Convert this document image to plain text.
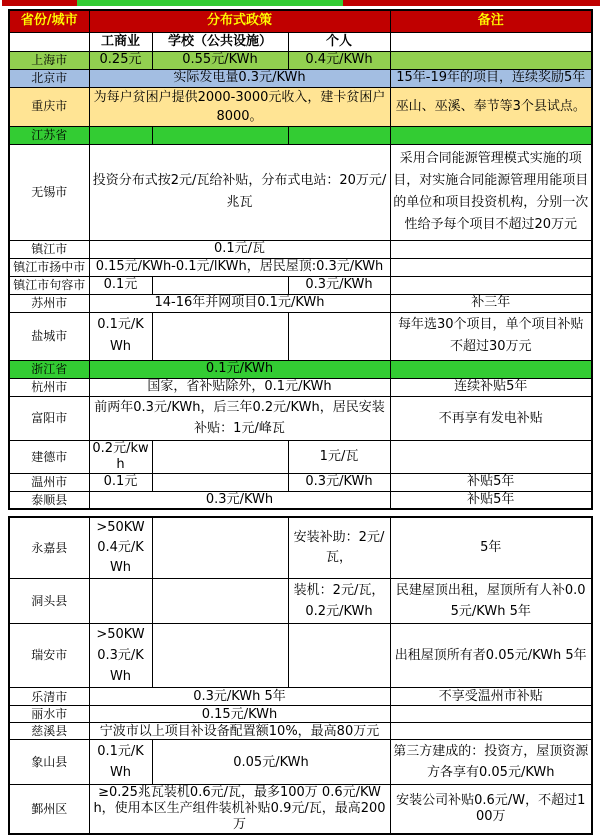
省份/城市	分布式政策			备注
	工商业	学校（公共设施）	个人	
上海市	0.25元	0.55元/KWh	0.4元/KWh	
北京市	实际发电量0.3元/KWh			15年-19年的项目，连续奖励5年
重庆市	为每户贫困户提供2000-3000元收入，建卡贫困户8000。			巫山、巫溪、奉节等3个县试点。
江苏省				
无锡市	投资分布式按2元/瓦给补贴，分布式电站：20万元/兆瓦			采用合同能源管理模式实施的项目，对实施合同能源管理用能项目的单位和项目投资机构，分别一次性给予每个项目不超过20万元
镇江市	0.1元/瓦			
镇江市扬中市	0.15元/KWh-0.1元/lKWh，居民屋顶:0.3元/KWh			
镇江市句容市	0.1元		0.3元/KWh	
苏州市	14-16年并网项目0.1元/KWh			补三年
盐城市	0.1元/KWh			每年选30个项目，单个项目补贴不超过30万元
浙江省	0.1元/KWh			
杭州市	国家，省补贴除外，0.1元/KWh			连续补贴5年
富阳市	前两年0.3元/KWh，后三年0.2元/KWh，居民安装补贴：1元/峰瓦			不再享有发电补贴
建德市	0.2元/kwh		1元/瓦	
温州市	0.1元		0.3元/KWh	补贴5年
泰顺县	0.3元/KWh			补贴5年
永嘉县	>50KW0.4元/KWh		安装补助：2元/瓦，	5年
洞头县			装机：2元/瓦，0.2元/KWh	民建屋顶出租，屋顶所有人补0.05元/KWh 5年
瑞安市	>50KW0.3元/KWh			出租屋顶所有者0.05元/KWh 5年
乐清市	0.3元/KWh 5年			不享受温州市补贴
丽水市	0.15元/KWh			
慈溪县	宁波市以上项目补设备配置额10%，最高80万元			
象山县	0.1元/KWh	0.05元/KWh		第三方建成的：投资方，屋顶资源方各享有0.05元/KWh
鄞州区	≥0.25兆瓦装机0.6元/瓦，最多100万 0.6元/KWh，使用本区生产组件装机补贴0.9元/瓦，最高200万			安装公司补贴0.6元/W，不超过100万
